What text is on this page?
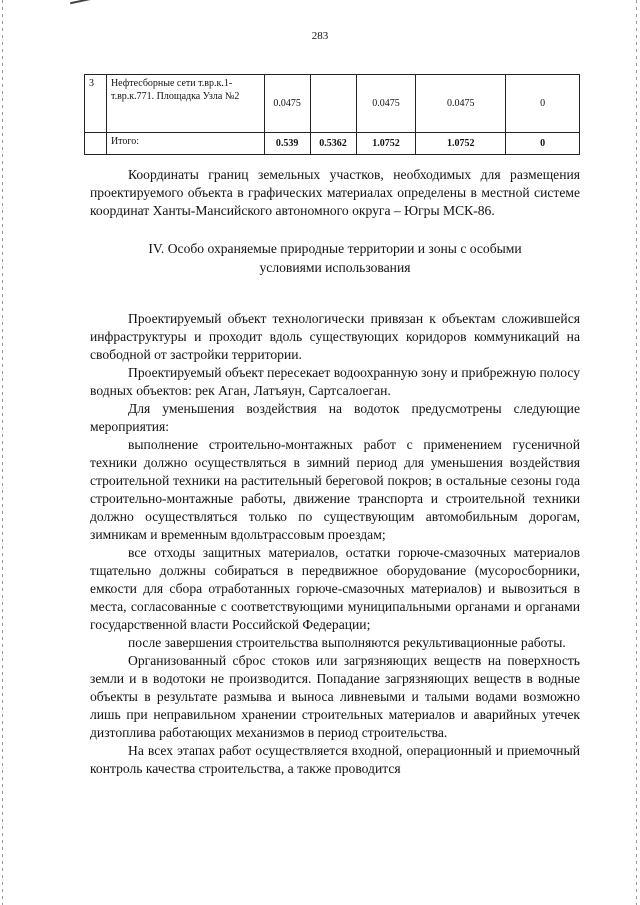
283
3	Нефтесборные сети т.вр.к.1-т.вр.к.771. Площадка Узла №2	0.0475		0.0475	0.0475	0
	Итого:	0.539	0.5362	1.0752	1.0752	0

Координаты границ земельных участков, необходимых для размещения проектируемого объекта в графических материалах определены в местной системе координат Ханты-Мансийского автономного округа – Югры МСК-86.

IV. Особо охраняемые природные территории и зоны с особыми условиями использования

Проектируемый объект технологически привязан к объектам сложившейся инфраструктуры и проходит вдоль существующих коридоров коммуникаций на свободной от застройки территории.

Проектируемый объект пересекает водоохранную зону и прибрежную полосу водных объектов: рек Аган, Латъяун, Сартсалоеган.

Для уменьшения воздействия на водоток предусмотрены следующие мероприятия:

выполнение строительно-монтажных работ с применением гусеничной техники должно осуществляться в зимний период для уменьшения воздействия строительной техники на растительный береговой покров; в остальные сезоны года строительно-монтажные работы, движение транспорта и строительной техники должно осуществляться только по существующим автомобильным дорогам, зимникам и временным вдольтрассовым проездам;

все отходы защитных материалов, остатки горюче-смазочных материалов тщательно должны собираться в передвижное оборудование (мусоросборники, емкости для сбора отработанных горюче-смазочных материалов) и вывозиться в места, согласованные с соответствующими муниципальными органами и органами государственной власти Российской Федерации;

после завершения строительства выполняются рекультивационные работы.

Организованный сброс стоков или загрязняющих веществ на поверхность земли и в водотоки не производится. Попадание загрязняющих веществ в водные объекты в результате размыва и выноса ливневыми и талыми водами возможно лишь при неправильном хранении строительных материалов и аварийных утечек дизтоплива работающих механизмов в период строительства.

На всех этапах работ осуществляется входной, операционный и приемочный контроль качества строительства, а также проводится
